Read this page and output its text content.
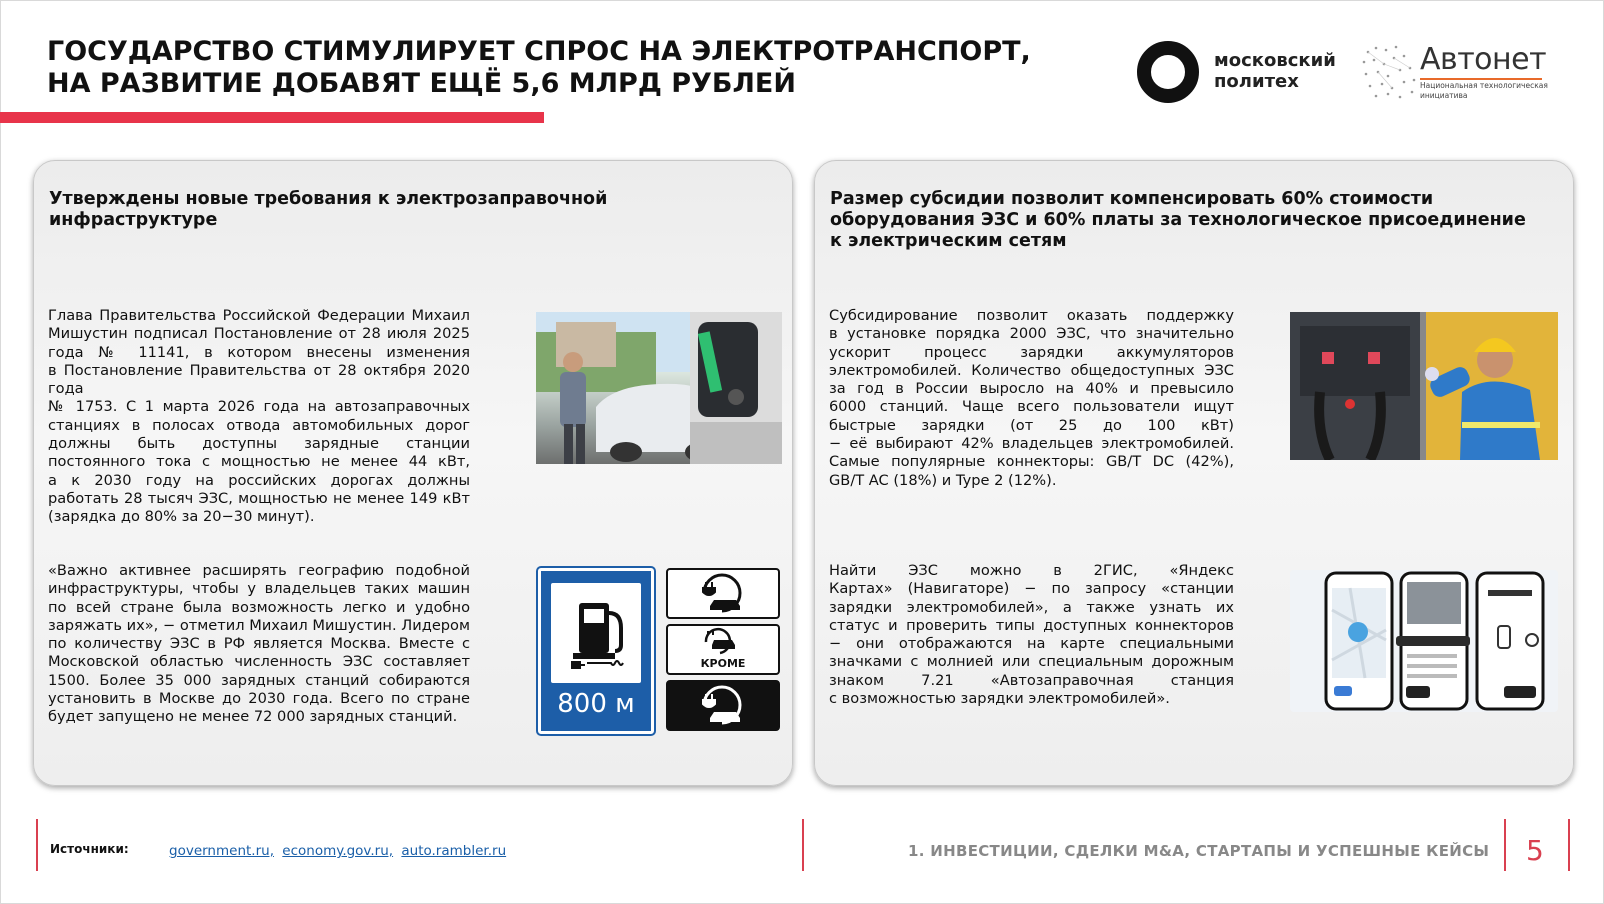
ГОСУДАРСТВО СТИМУЛИРУЕТ СПРОС НА ЭЛЕКТРОТРАНСПОРТ,
НА РАЗВИТИЕ ДОБАВЯТ ЕЩЁ 5,6 МЛРД РУБЛЕЙ
московский
политех
Автонет
Национальная технологическая
инициатива
Утверждены новые требования к электрозаправочной инфраструктуре
Глава Правительства Российской Федерации Михаил
Мишустин подписал Постановление от 28 июля 2025
года № 11141, в котором внесены изменения
в Постановление Правительства от 28 октября 2020 года
№ 1753. С 1 марта 2026 года на автозаправочных
станциях в полосах отвода автомобильных дорог
должны быть доступны зарядные станции
постоянного тока с мощностью не менее 44 кВт,
а к 2030 году на российских дорогах должны
работать 28 тысяч ЭЗС, мощностью не менее 149 кВт
(зарядка до 80% за 20−30 минут).
«Важно активнее расширять географию подобной
инфраструктуры, чтобы у владельцев таких машин
по всей стране была возможность легко и удобно
заряжать их», − отметил Михаил Мишустин. Лидером
по количеству ЭЗС в РФ является Москва. Вместе с
Московской областью численность ЭЗС составляет
1500. Более 35 000 зарядных станций собираются
установить в Москве до 2030 года. Всего по стране
будет запущено не менее 72 000 зарядных станций.	800 м
КРОМЕ
Размер субсидии позволит компенсировать 60% стоимости
оборудования ЭЗС и 60% платы за технологическое присоединение
к электрическим сетям
Субсидирование позволит оказать поддержку
в установке порядка 2000 ЭЗС, что значительно
ускорит процесс зарядки аккумуляторов
электромобилей. Количество общедоступных ЭЗС
за год в России выросло на 40% и превысило
6000 станций. Чаще всего пользователи ищут
быстрые зарядки (от 25 до 100 кВт)
− её выбирают 42% владельцев электромобилей.
Самые популярные коннекторы: GB/T DC (42%),
GB/T AC (18%) и Type 2 (12%).
Найти ЭЗС можно в 2ГИС, «Яндекс
Картах» (Навигаторе) − по запросу «станции
зарядки электромобилей», а также узнать их
статус и проверить типы доступных коннекторов
− они отображаются на карте специальными
значками с молнией или специальным дорожным
знаком 7.21 «Автозаправочная станция
с возможностью зарядки электромобилей».
Источники:	government.ru, economy.gov.ru, auto.rambler.ru	1. ИНВЕСТИЦИИ, СДЕЛКИ M&A, СТАРТАПЫ И УСПЕШНЫЕ КЕЙСЫ 5
